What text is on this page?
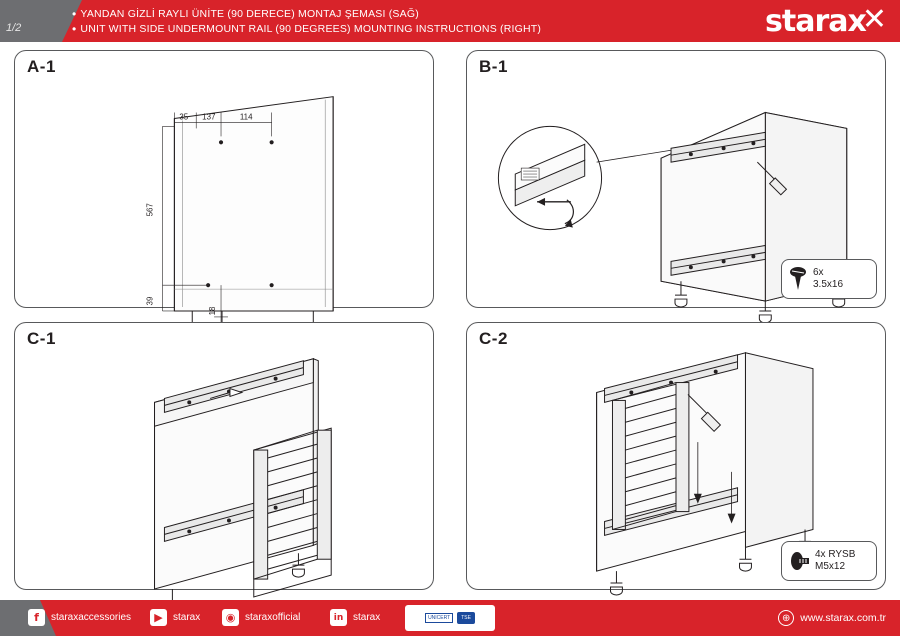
1/2
• YANDAN GİZLİ RAYLI ÜNİTE (90 DERECE) MONTAJ ŞEMASI (SAĞ)
• UNIT WITH SIDE UNDERMOUNT RAIL (90 DEGREES) MOUNTING INSTRUCTIONS (RIGHT)	starax✕
A-1
35 137	114
567
39
18
B-1
6x
3.5x16
C-1	C-2
4x RYSB
M5x12
f	staraxaccessories	▶	starax	◉ staraxofficial	in starax	UNICERT	TSE	⊕ www.starax.com.tr
